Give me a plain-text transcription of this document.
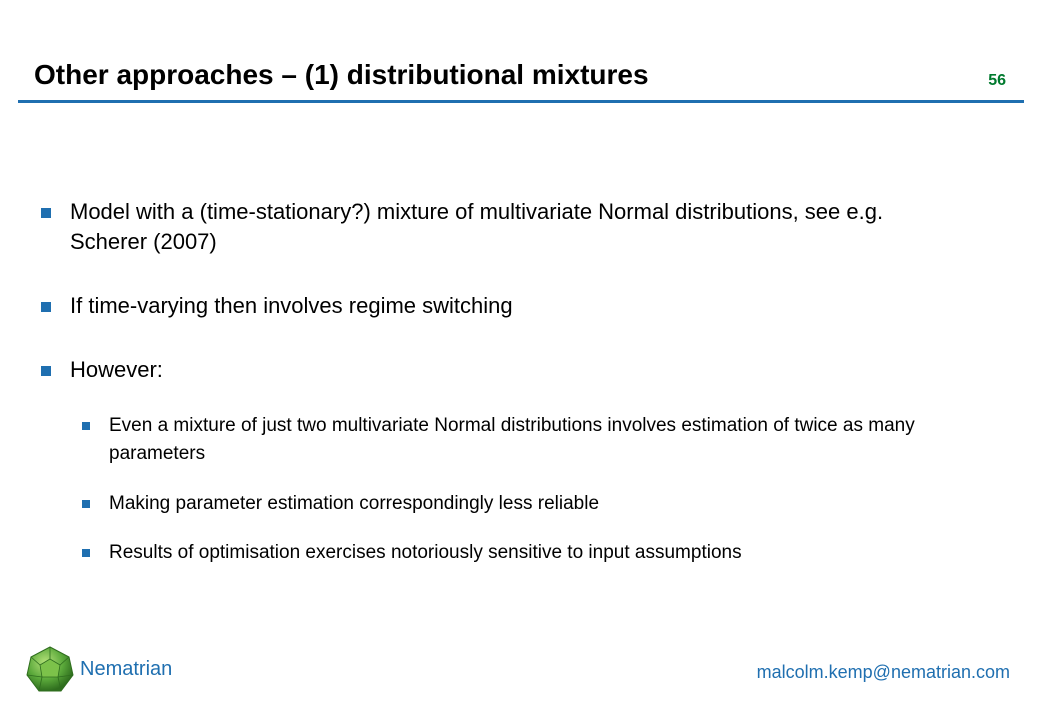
Other approaches – (1) distributional mixtures	56
Model with a (time-stationary?) mixture of multivariate Normal distributions, see e.g. Scherer (2007)
If time-varying then involves regime switching
However:
Even a mixture of just two multivariate Normal distributions involves estimation of twice as many parameters
Making parameter estimation correspondingly less reliable
Results of optimisation exercises notoriously sensitive to input assumptions
Nematrian	malcolm.kemp@nematrian.com
